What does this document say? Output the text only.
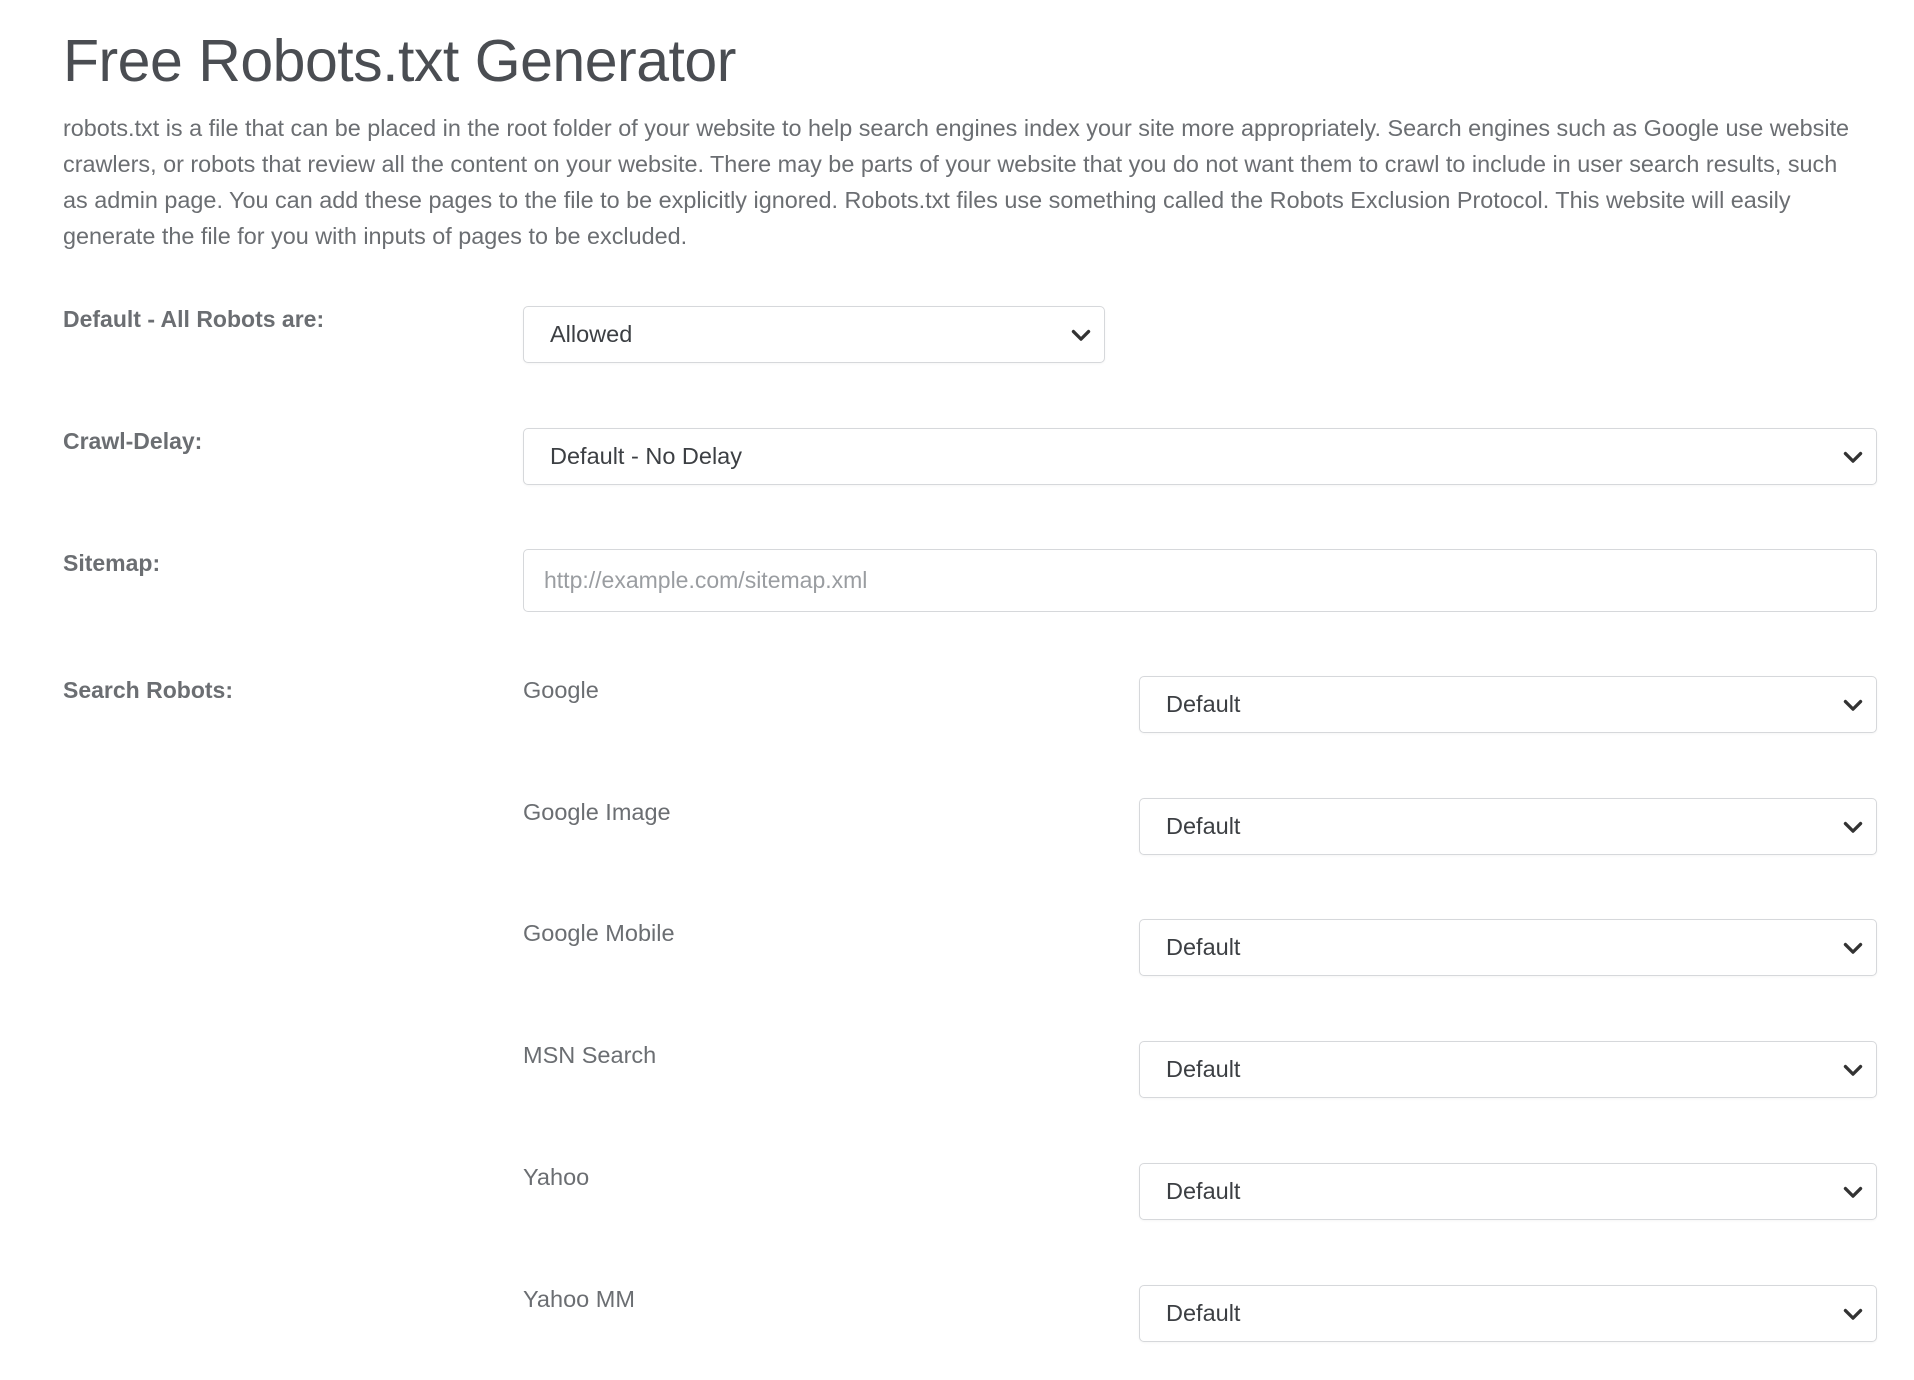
Free Robots.txt Generator

robots.txt is a file that can be placed in the root folder of your website to help search engines index your site more appropriately. Search engines such as Google use website crawlers, or robots that review all the content on your website. There may be parts of your website that you do not want them to crawl to include in user search results, such as admin page. You can add these pages to the file to be explicitly ignored. Robots.txt files use something called the Robots Exclusion Protocol. This website will easily generate the file for you with inputs of pages to be excluded.

Default - All Robots are:
Allowed
Crawl-Delay:
Default - No Delay
Sitemap:
http://example.com/sitemap.xml
Search Robots:	Google
Default
Google Image
Default
Google Mobile
Default
MSN Search
Default
Yahoo
Default
Yahoo MM
Default
